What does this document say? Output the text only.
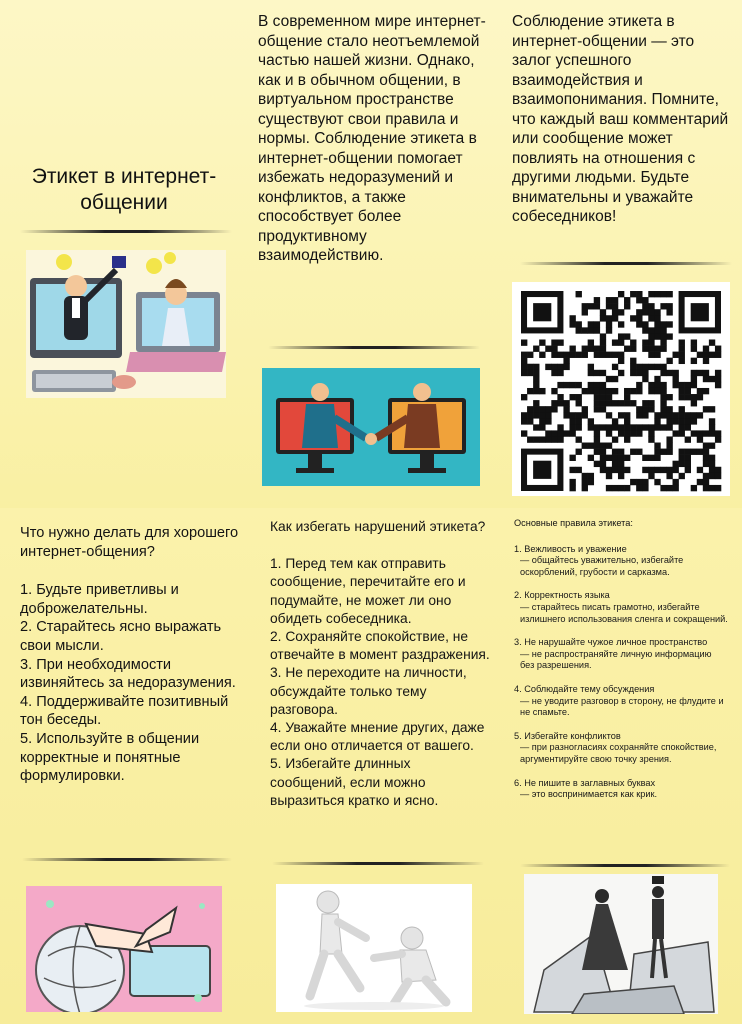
Этикет в интернет-общении
В современном мире интернет-общение стало неотъемлемой частью нашей жизни. Однако, как и в обычном общении, в виртуальном пространстве существуют свои правила и нормы. Соблюдение этикета в интернет-общении помогает избежать недоразумений и конфликтов, а также способствует более продуктивному взаимодействию.
Соблюдение этикета в интернет-общении — это залог успешного взаимодействия и взаимопонимания. Помните, что каждый ваш комментарий или сообщение может повлиять на отношения с другими людьми. Будьте внимательны и уважайте собеседников!
Что нужно делать для хорошего интернет-общения?
1. Будьте приветливы и доброжелательны.
2. Старайтесь ясно выражать свои мысли.
3. При необходимости извиняйтесь за недоразумения.
4. Поддерживайте позитивный тон беседы.
5. Используйте в общении корректные и понятные формулировки.
Как избегать нарушений этикета?
1. Перед тем как отправить сообщение, перечитайте его и подумайте, не может ли оно обидеть собеседника.
2. Сохраняйте спокойствие, не отвечайте в момент раздражения.
3. Не переходите на личности, обсуждайте только тему разговора.
4. Уважайте мнение других, даже если оно отличается от вашего.
5. Избегайте длинных сообщений, если можно выразиться кратко и ясно.
Основные правила этикета:
1. Вежливость и уважение
— общайтесь уважительно, избегайте оскорблений, грубости и сарказма.
2. Корректность языка
— старайтесь писать грамотно, избегайте излишнего использования сленга и сокращений.
3. Не нарушайте чужое личное пространство
— не распространяйте личную информацию без разрешения.
4. Соблюдайте тему обсуждения
— не уводите разговор в сторону, не флудите и не спамьте.
5. Избегайте конфликтов
— при разногласиях сохраняйте спокойствие, аргументируйте свою точку зрения.
6. Не пишите в заглавных буквах
— это воспринимается как крик.
